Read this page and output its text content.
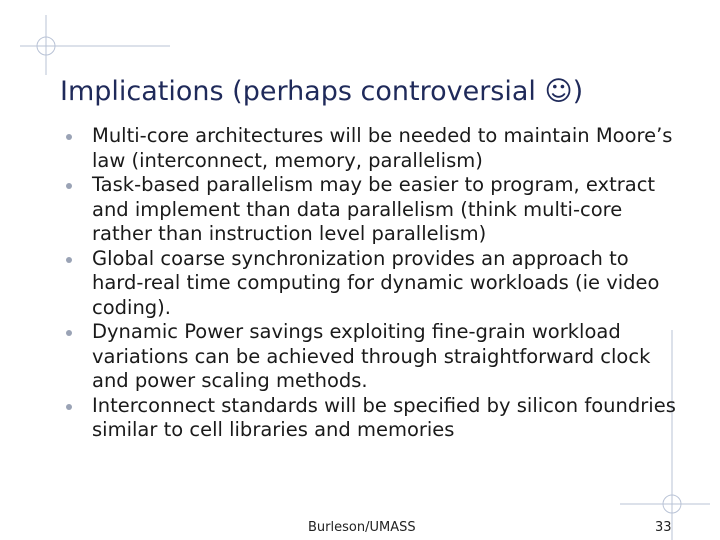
Implications (perhaps controversial ☺)
Multi-core architectures will be needed to maintain Moore’s law (interconnect, memory, parallelism)
Task-based parallelism may be easier to program, extract and implement than data parallelism (think multi-core rather than instruction level parallelism)
Global coarse synchronization provides an approach to hard-real time computing for dynamic workloads (ie video coding).
Dynamic Power savings exploiting fine-grain workload variations can be achieved through straightforward clock and power scaling methods.
Interconnect standards will be specified by silicon foundries similar to cell libraries and memories
Burleson/UMASS	33
